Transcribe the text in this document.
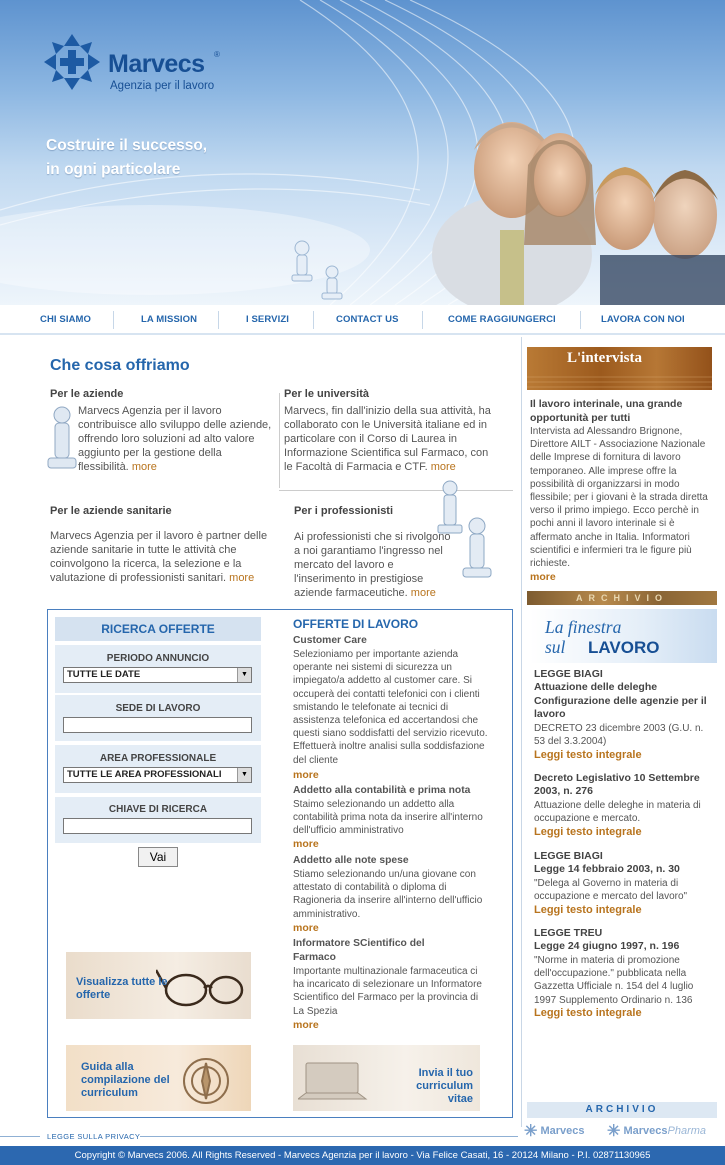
Marvecs ®
Agenzia per il lavoro
Costruire il successo,
in ogni particolare
CHI SIAMO	LA MISSION	I SERVIZI	CONTACT US	COME RAGGIUNGERCI	LAVORA CON NOI
Che cosa offriamo
Per le aziende

Marvecs Agenzia per il lavoro contribuisce allo sviluppo delle aziende, offrendo loro soluzioni ad alto valore aggiunto per la gestione della flessibilità. more

Per le università

Marvecs, fin dall'inizio della sua attività, ha collaborato con le Università italiane ed in particolare con il Corso di Laurea in Informazione Scientifica sul Farmaco, con le Facoltà di Farmacia e CTF. more

Per le aziende sanitarie

Marvecs Agenzia per il lavoro è partner delle aziende sanitarie in tutte le attività che coinvolgono la ricerca, la selezione e la valutazione di professionisti sanitari. more

Per i professionisti

Ai professionisti che si rivolgono a noi garantiamo l'ingresso nel mercato del lavoro e l'inserimento in prestigiose aziende farmaceutiche. more

RICERCA OFFERTE
PERIODO ANNUNCIO
TUTTE LE DATE	▼
SEDE DI LAVORO
AREA PROFESSIONALE
TUTTE LE AREA PROFESSIONALI	▼
CHIAVE DI RICERCA
Vai
Visualizza tutte le offerte
Guida alla compilazione del curriculum
Invia il tuo curriculum vitae
OFFERTE DI LAVORO
Customer Care
Selezioniamo per importante azienda operante nei sistemi di sicurezza un impiegato/a addetto al customer care. Si occuperà dei contatti telefonici con i clienti smistando le telefonate ai tecnici di assistenza telefonica ed accertandosi che questi siano soddisfatti del servizio ricevuto. Effettuerà inoltre analisi sulla soddisfazione del cliente
more
Addetto alla contabilità e prima nota
Staimo selezionando un addetto alla contabilità prima nota da inserire all'interno dell'ufficio amministrativo
more
Addetto alle note spese
Stiamo selezionando un/una giovane con attestato di contabilità o diploma di Ragioneria da inserire all'interno dell'ufficio amministrativo.
more
Informatore SCientifico del Farmaco
Importante multinazionale farmaceutica ci ha incaricato di selezionare un Informatore Scientifico del Farmaco per la provincia di La Spezia
more
L'intervista
Il lavoro interinale, una grande opportunità per tutti
Intervista ad Alessandro Brignone, Direttore AILT - Associazione Nazionale delle Imprese di fornitura di lavoro temporaneo. Alle imprese offre la possibilità di organizzarsi in modo flessibile; per i giovani è la strada diretta verso il primo impiego. Ecco perchè in pochi anni il lavoro interinale si è affermato anche in Italia. Informatori scientifici e infermieri tra le figure più richieste.
more
ARCHIVIO
La finestra
sul LAVORO
LEGGE BIAGI
Attuazione delle deleghe Configurazione delle agenzie per il lavoro
DECRETO 23 dicembre 2003 (G.U. n. 53 del 3.3.2004)
Leggi testo integrale
Decreto Legislativo 10 Settembre 2003, n. 276
Attuazione delle deleghe in materia di occupazione e mercato.
Leggi testo integrale
LEGGE BIAGI
Legge 14 febbraio 2003, n. 30
"Delega al Governo in materia di occupazione e mercato del lavoro"
Leggi testo integrale
LEGGE TREU
Legge 24 giugno 1997, n. 196
"Norme in materia di promozione dell'occupazione." pubblicata nella Gazzetta Ufficiale n. 154 del 4 luglio 1997 Supplemento Ordinario n. 136
Leggi testo integrale
ARCHIVIO
LEGGE SULLA PRIVACY	✳ Marvecs ✳ MarvecsPharma
Copyright © Marvecs 2006. All Rights Reserved - Marvecs Agenzia per il lavoro - Via Felice Casati, 16 - 20124 Milano - P.I. 02871130965
